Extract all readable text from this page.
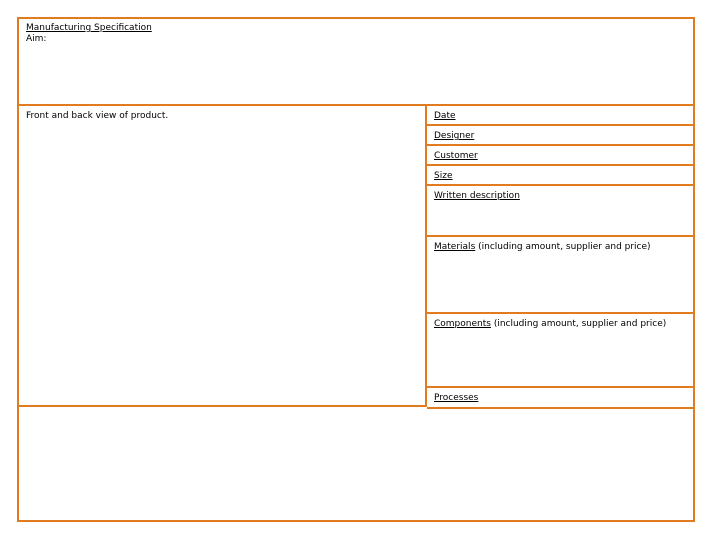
Manufacturing Specification
Aim:
Front and back view of product.	Date
Designer
Customer
Size
Written description
Materials (including amount, supplier and price)
Components (including amount, supplier and price)
Processes
